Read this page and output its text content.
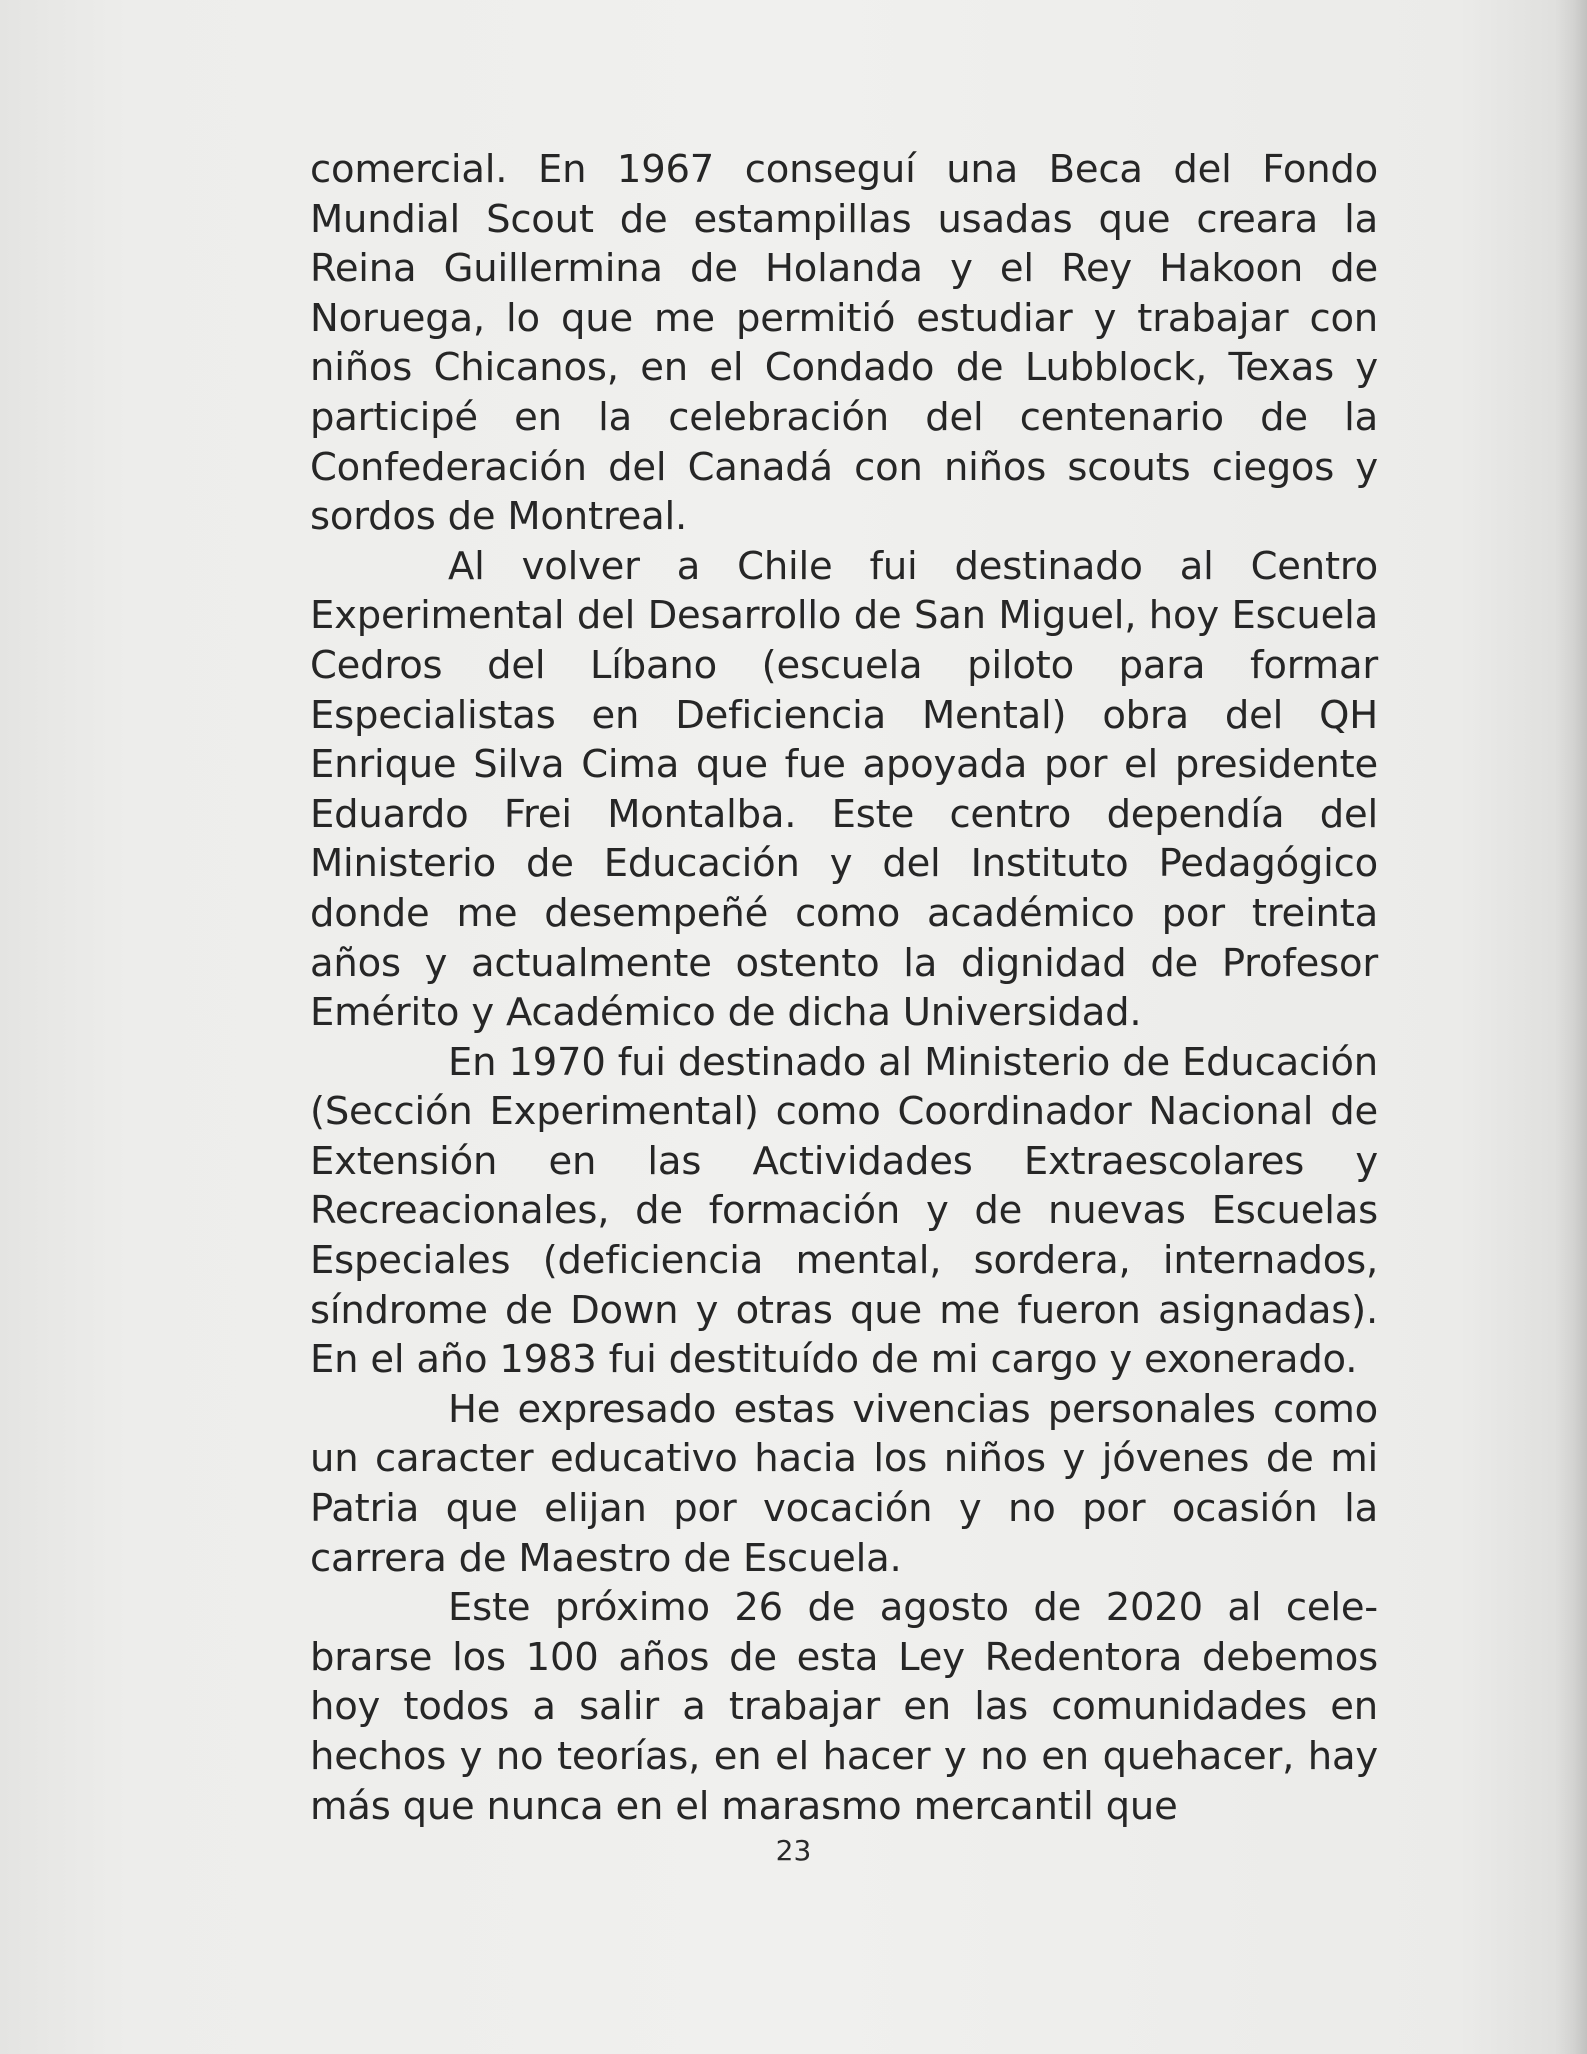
comercial. En 1967 conseguí una Beca del Fondo Mundial Scout de estampillas usadas que creara la Reina Guillermina de Holanda y el Rey Hakoon de Noruega, lo que me permitió estudiar y trabajar con niños Chicanos, en el Condado de Lubblock, Texas y participé en la celebración del centenario de la Confederación del Canadá con niños scouts ciegos y sordos de Montreal.

Al volver a Chile fui destinado al Centro Experimental del Desarrollo de San Miguel, hoy Escuela Cedros del Líbano (escuela piloto para formar Especialistas en Deficiencia Mental) obra del QH Enrique Silva Cima que fue apoyada por el presidente Eduardo Frei Montalba. Este centro dependía del Ministerio de Educación y del Instituto Pedagógico donde me desempeñé como académico por treinta años y actualmente ostento la dignidad de Profesor Emérito y Académico de dicha Universidad.

En 1970 fui destinado al Ministerio de Educación (Sección Experimental) como Coordinador Nacional de Extensión en las Actividades Extraescolares y Recreacionales, de formación y de nuevas Escuelas Especiales (deficiencia mental, sordera, internados, síndrome de Down y otras que me fueron asignadas). En el año 1983 fui destituído de mi cargo y exonerado.

He expresado estas vivencias personales como un caracter educativo hacia los niños y jóvenes de mi Patria que elijan por vocación y no por ocasión la carrera de Maestro de Escuela.

Este próximo 26 de agosto de 2020 al cele-brarse los 100 años de esta Ley Redentora debemos hoy todos a salir a trabajar en las comunidades en hechos y no teorías, en el hacer y no en quehacer, hay más que nunca en el marasmo mercantil que

23
